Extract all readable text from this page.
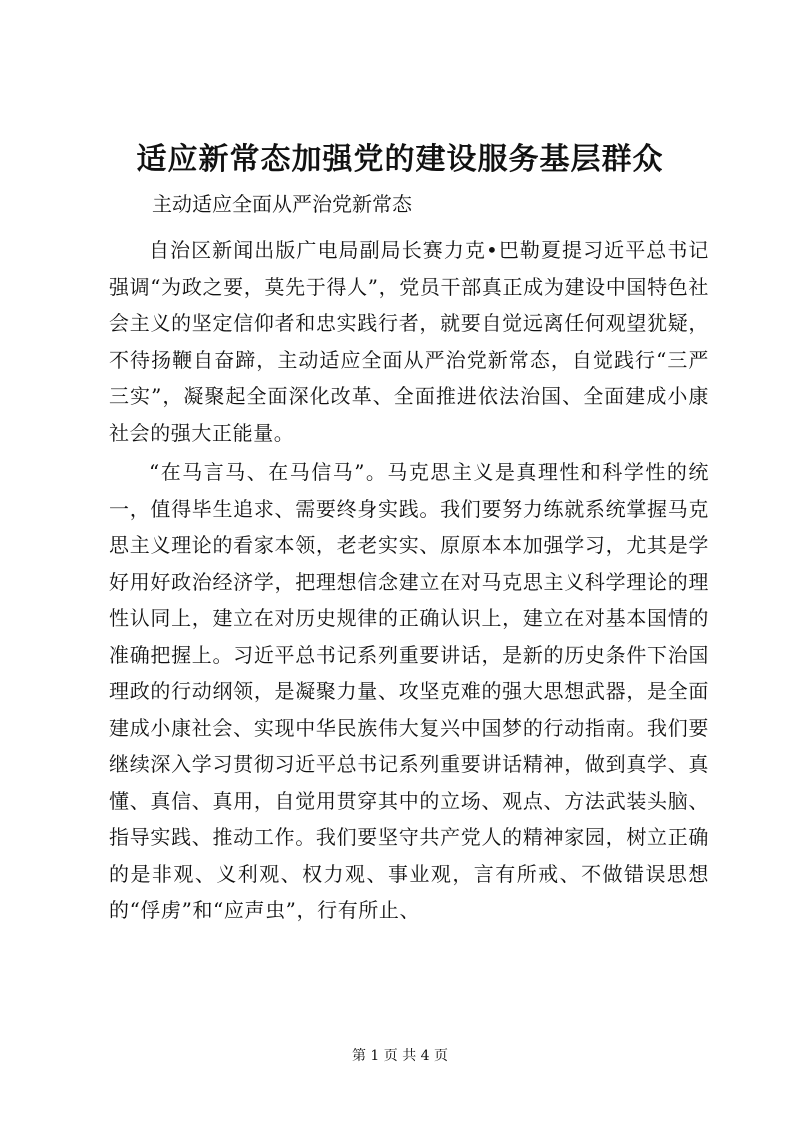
适应新常态加强党的建设服务基层群众

主动适应全面从严治党新常态

自治区新闻出版广电局副局长赛力克•巴勒夏提习近平总书记强调“为政之要，莫先于得人”，党员干部真正成为建设中国特色社会主义的坚定信仰者和忠实践行者，就要自觉远离任何观望犹疑，不待扬鞭自奋蹄，主动适应全面从严治党新常态，自觉践行“三严三实”，凝聚起全面深化改革、全面推进依法治国、全面建成小康社会的强大正能量。

“在马言马、在马信马”。马克思主义是真理性和科学性的统一，值得毕生追求、需要终身实践。我们要努力练就系统掌握马克思主义理论的看家本领，老老实实、原原本本加强学习，尤其是学好用好政治经济学，把理想信念建立在对马克思主义科学理论的理性认同上，建立在对历史规律的正确认识上，建立在对基本国情的准确把握上。习近平总书记系列重要讲话，是新的历史条件下治国理政的行动纲领，是凝聚力量、攻坚克难的强大思想武器，是全面建成小康社会、实现中华民族伟大复兴中国梦的行动指南。我们要继续深入学习贯彻习近平总书记系列重要讲话精神，做到真学、真懂、真信、真用，自觉用贯穿其中的立场、观点、方法武装头脑、指导实践、推动工作。我们要坚守共产党人的精神家园，树立正确的是非观、义利观、权力观、事业观，言有所戒、不做错误思想的“俘虏”和“应声虫”，行有所止、

第 1 页 共 4 页
